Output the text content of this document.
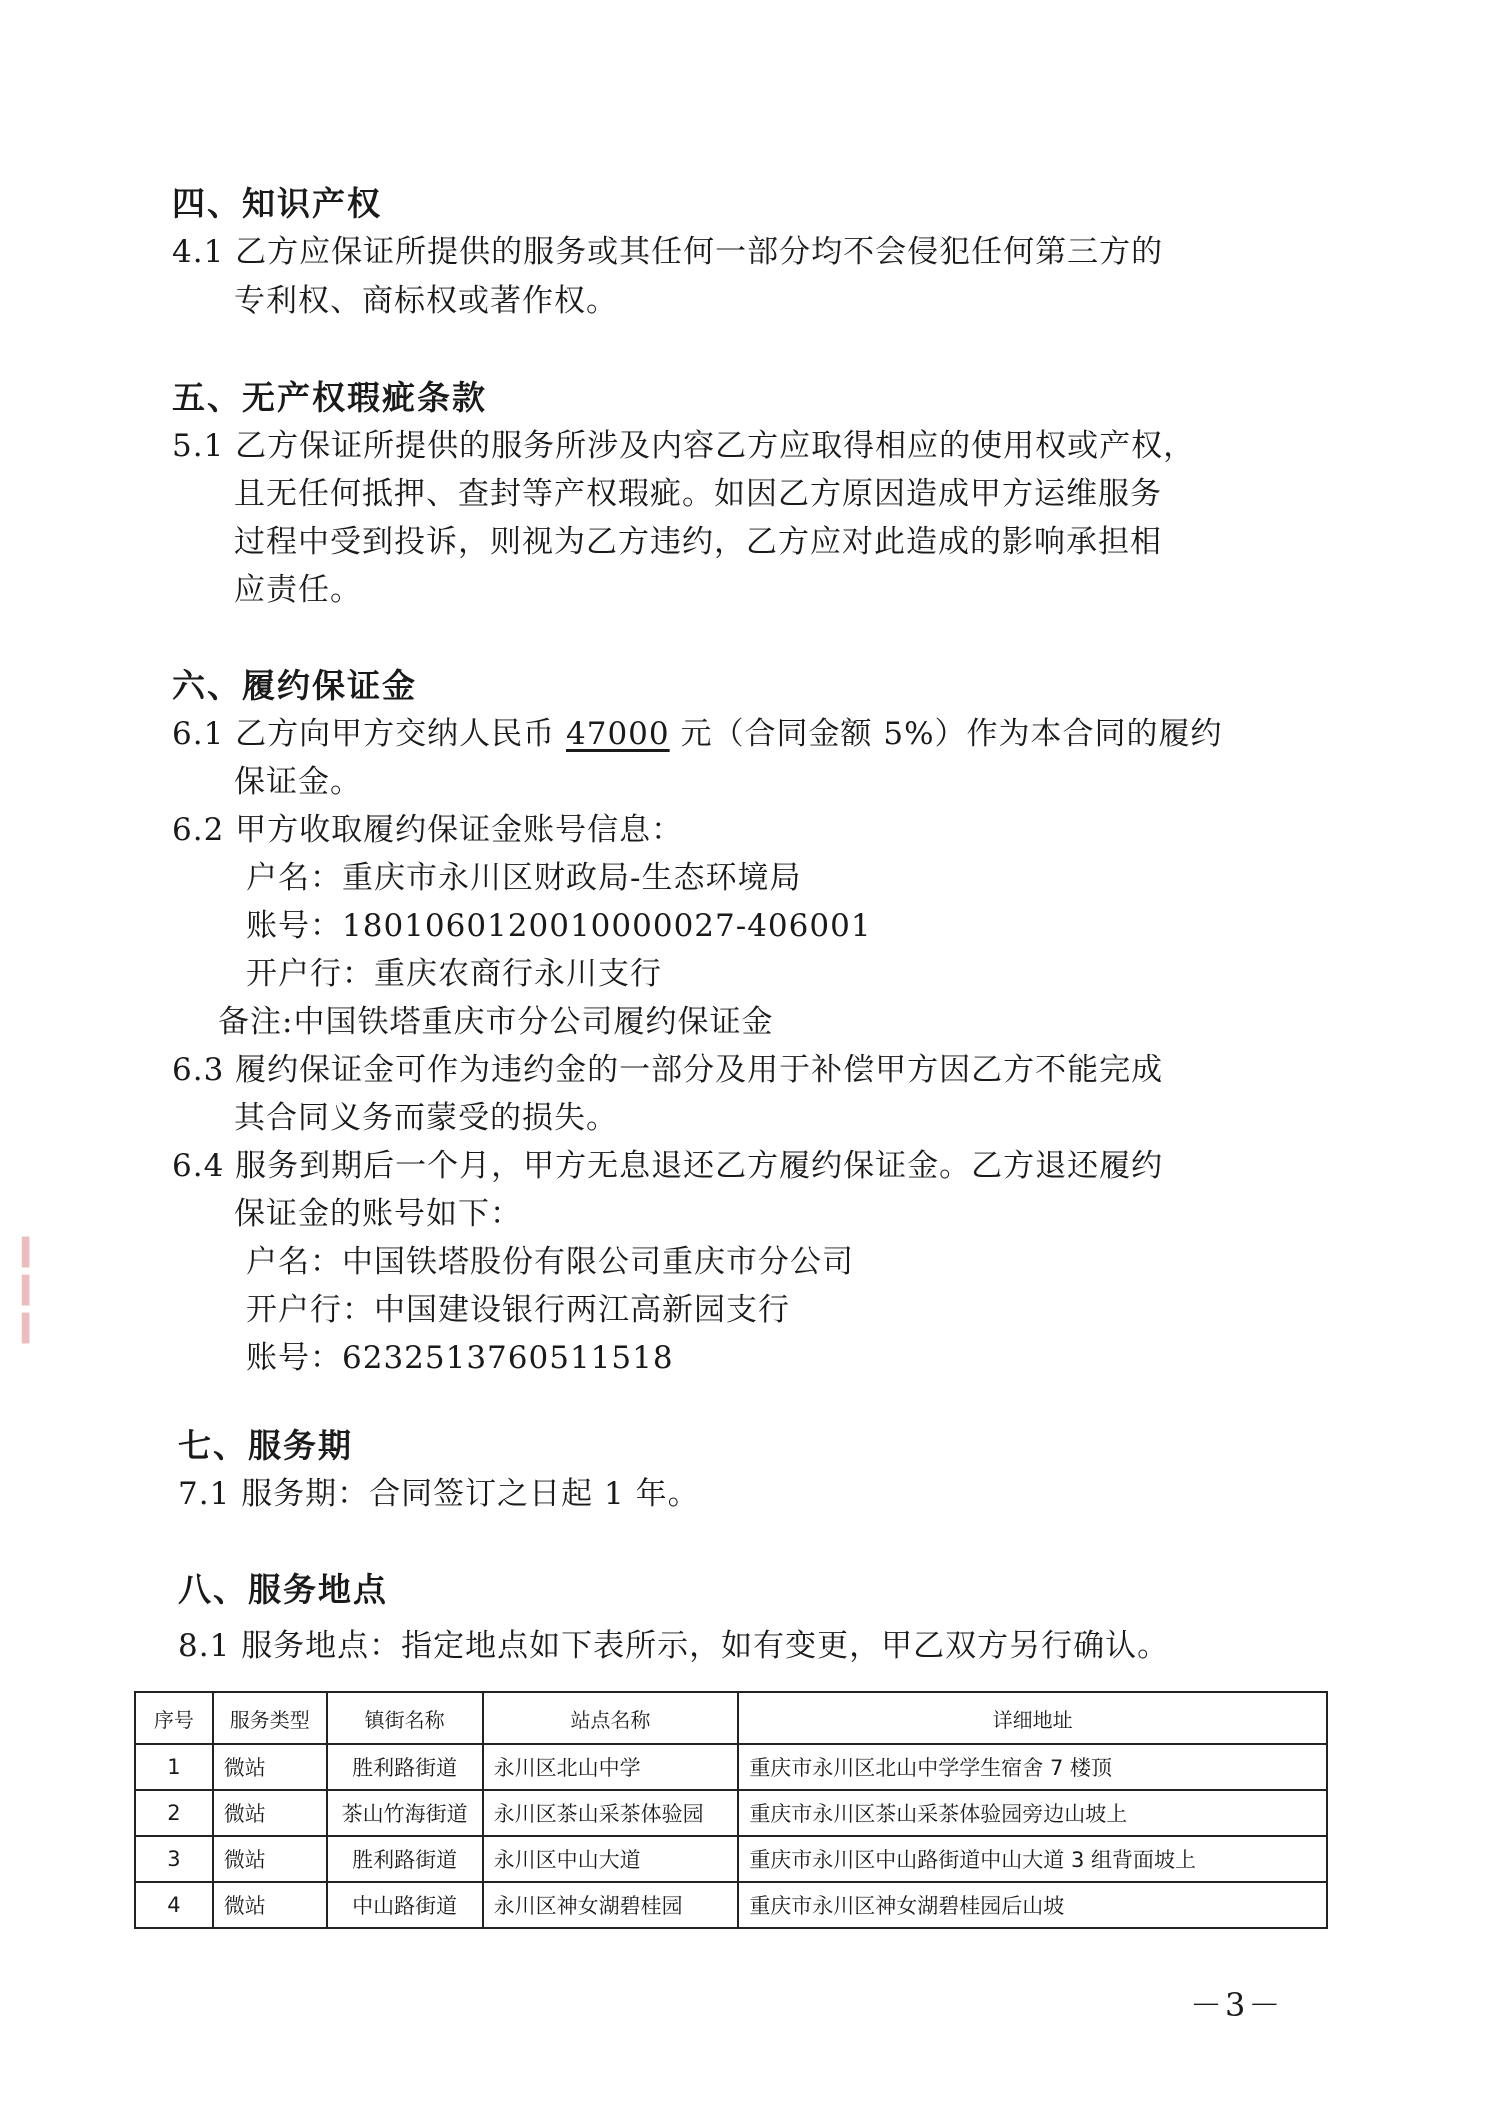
四、知识产权
4.1 乙方应保证所提供的服务或其任何一部分均不会侵犯任何第三方的
专利权、商标权或著作权。
五、无产权瑕疵条款
5.1 乙方保证所提供的服务所涉及内容乙方应取得相应的使用权或产权，
且无任何抵押、查封等产权瑕疵。如因乙方原因造成甲方运维服务
过程中受到投诉，则视为乙方违约，乙方应对此造成的影响承担相
应责任。
六、履约保证金
6.1 乙方向甲方交纳人民币 47000 元（合同金额 5%）作为本合同的履约
保证金。
6.2 甲方收取履约保证金账号信息：
户名：重庆市永川区财政局-生态环境局
账号：1801060120010000027-406001
开户行：重庆农商行永川支行
备注:中国铁塔重庆市分公司履约保证金
6.3 履约保证金可作为违约金的一部分及用于补偿甲方因乙方不能完成
其合同义务而蒙受的损失。
6.4 服务到期后一个月，甲方无息退还乙方履约保证金。乙方退还履约
保证金的账号如下：
户名：中国铁塔股份有限公司重庆市分公司
开户行：中国建设银行两江高新园支行
账号：6232513760511518
七、服务期
7.1 服务期：合同签订之日起 1 年。
八、服务地点
8.1 服务地点：指定地点如下表所示，如有变更，甲乙双方另行确认。
序号	服务类型	镇街名称	站点名称	详细地址
1	微站	胜利路街道	永川区北山中学	重庆市永川区北山中学学生宿舍 7 楼顶
2	微站	茶山竹海街道	永川区茶山采茶体验园	重庆市永川区茶山采茶体验园旁边山坡上
3	微站	胜利路街道	永川区中山大道	重庆市永川区中山路街道中山大道 3 组背面坡上
4	微站	中山路街道	永川区神女湖碧桂园	重庆市永川区神女湖碧桂园后山坡
－3－
▍
▍
▍
